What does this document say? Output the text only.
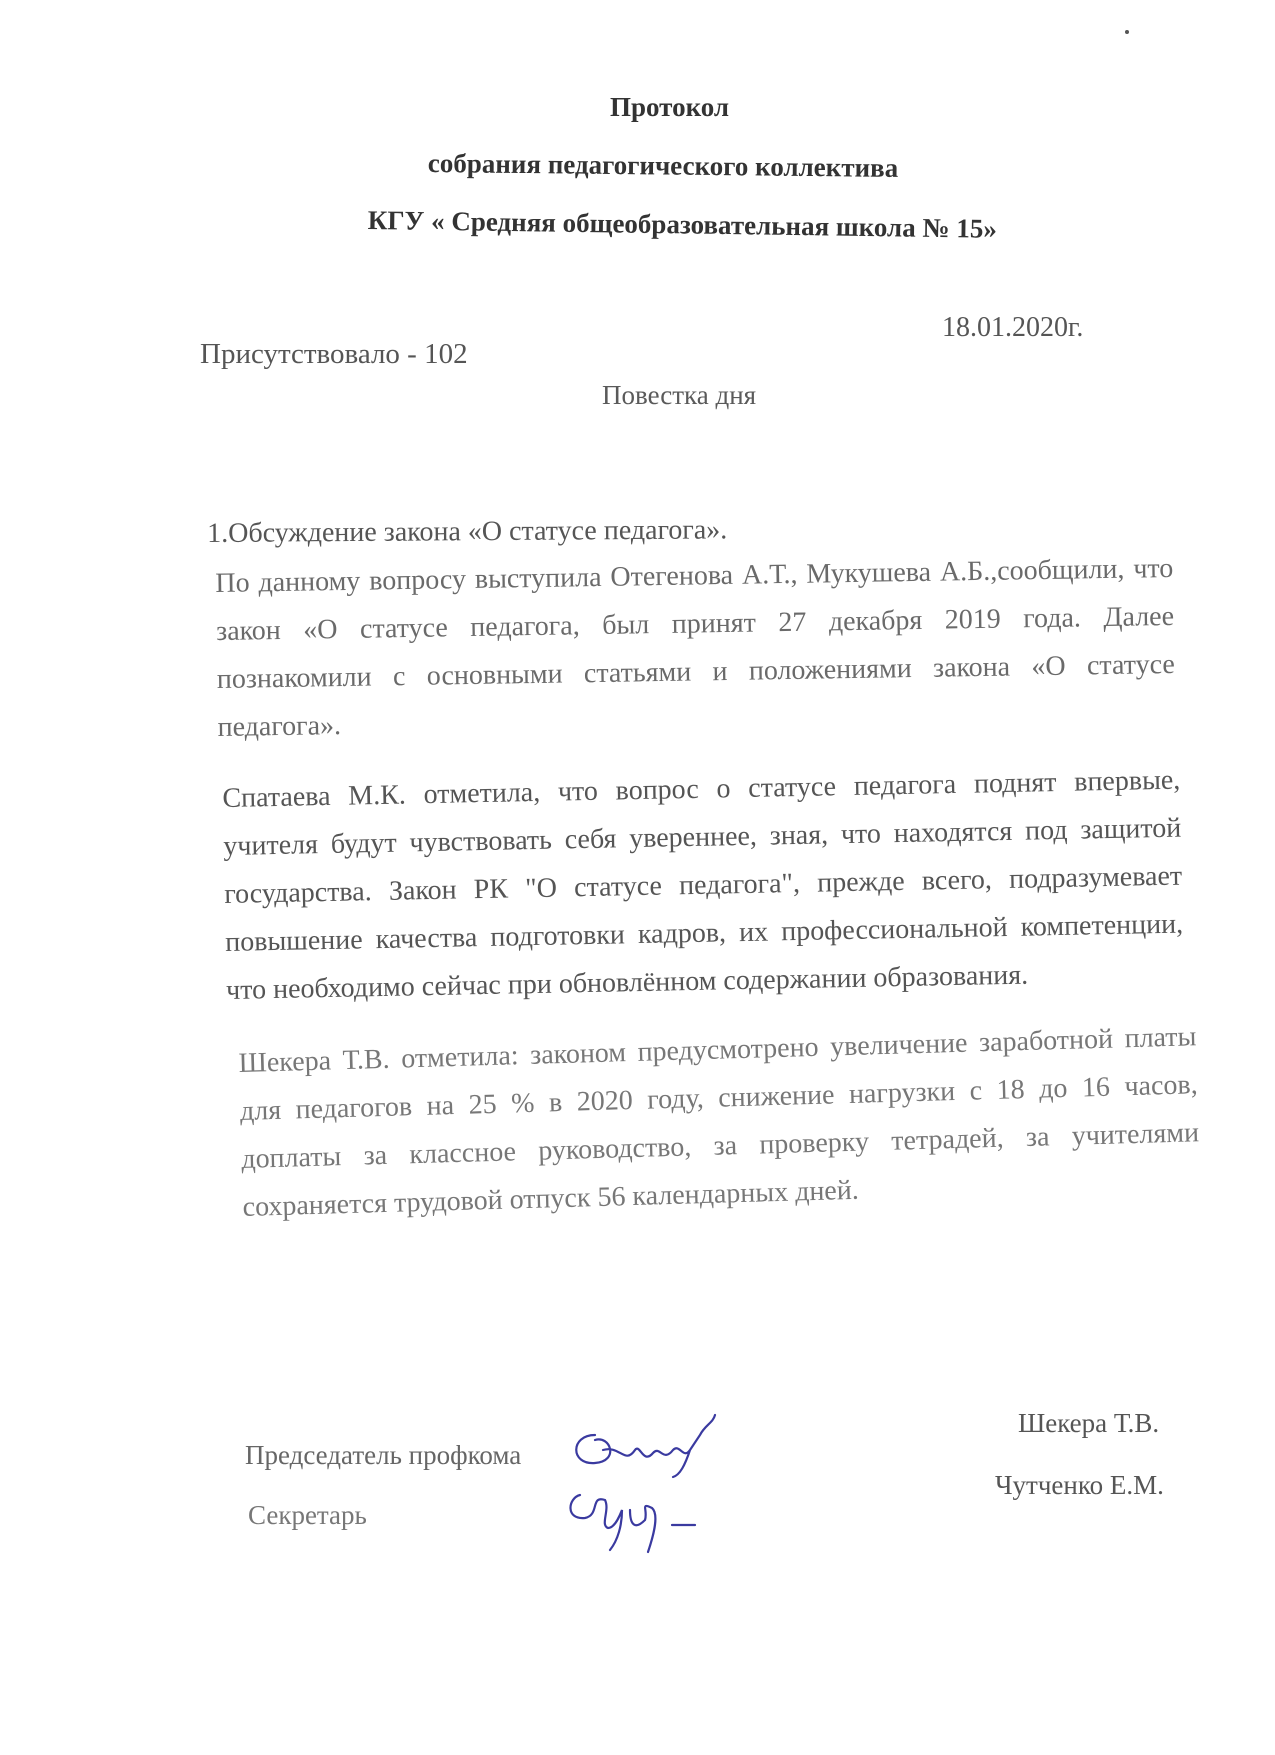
Протокол
собрания педагогического коллектива
КГУ « Средняя общеобразовательная школа № 15»
18.01.2020г.
Присутствовало - 102
Повестка дня
1.Обсуждение закона «О статусе педагога».
По данному вопросу выступила Отегенова А.Т., Мукушева А.Б.,сообщили, что закон «О статусе педагога, был принят 27 декабря 2019 года. Далее познакомили с основными статьями и положениями закона «О статусе педагога».
Спатаева М.К. отметила, что вопрос о статусе педагога поднят впервые, учителя будут чувствовать себя увереннее, зная, что находятся под защитой государства. Закон РК "О статусе педагога", прежде всего, подразумевает повышение качества подготовки кадров, их профессиональной компетенции, что необходимо сейчас при обновлённом содержании образования.
Шекера Т.В. отметила: законом предусмотрено увеличение заработной платы для педагогов на 25 % в 2020 году, снижение нагрузки с 18 до 16 часов, доплаты за классное руководство, за проверку тетрадей, за учителями сохраняется трудовой отпуск 56 календарных дней.
Председатель профкома
Секретарь
Шекера Т.В.
Чутченко Е.М.
